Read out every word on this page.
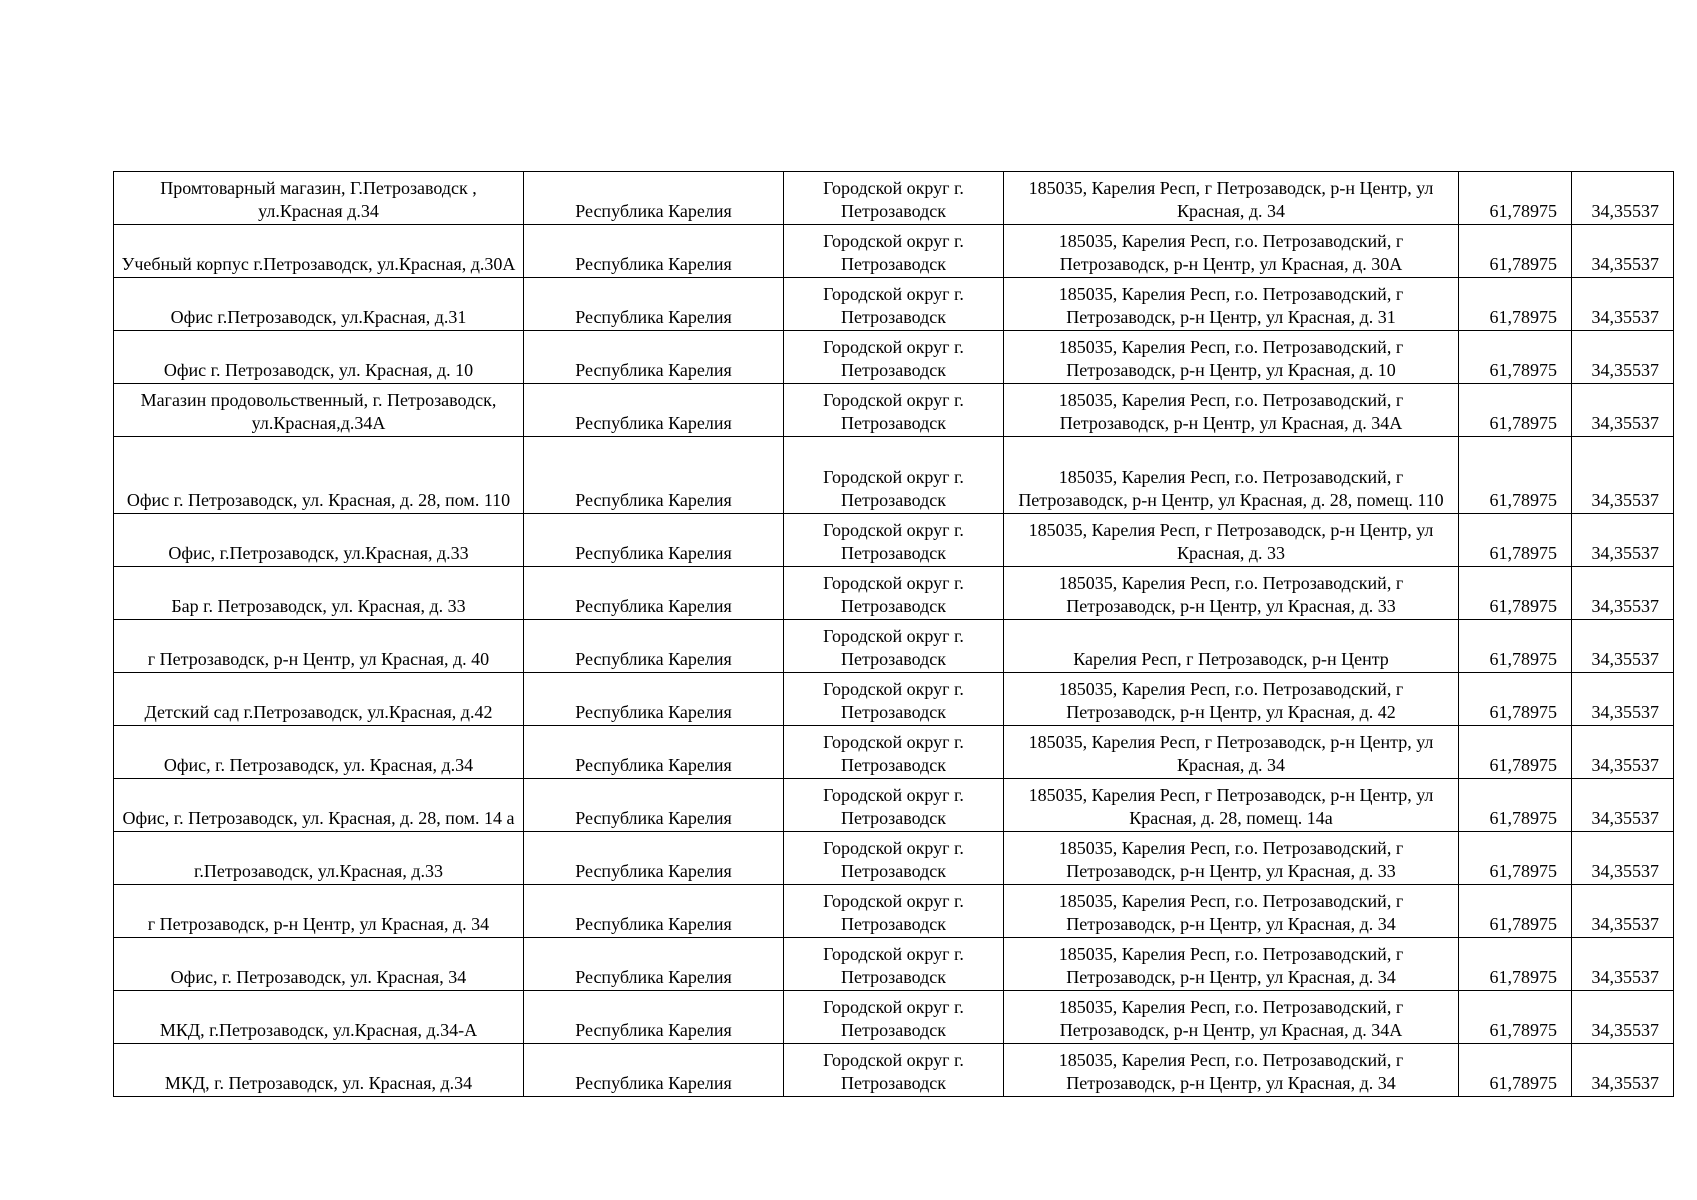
Промтоварный магазин, Г.Петрозаводск , ул.Красная д.34	Республика Карелия	Городской округ г. Петрозаводск	185035, Карелия Респ, г Петрозаводск, р-н Центр, ул Красная, д. 34	61,78975	34,35537
Учебный корпус г.Петрозаводск, ул.Красная, д.30А	Республика Карелия	Городской округ г. Петрозаводск	185035, Карелия Респ, г.о. Петрозаводский, г Петрозаводск, р-н Центр, ул Красная, д. 30А	61,78975	34,35537
Офис г.Петрозаводск, ул.Красная, д.31	Республика Карелия	Городской округ г. Петрозаводск	185035, Карелия Респ, г.о. Петрозаводский, г Петрозаводск, р-н Центр, ул Красная, д. 31	61,78975	34,35537
Офис г. Петрозаводск, ул. Красная, д. 10	Республика Карелия	Городской округ г. Петрозаводск	185035, Карелия Респ, г.о. Петрозаводский, г Петрозаводск, р-н Центр, ул Красная, д. 10	61,78975	34,35537
Магазин продовольственный, г. Петрозаводск, ул.Красная,д.34А	Республика Карелия	Городской округ г. Петрозаводск	185035, Карелия Респ, г.о. Петрозаводский, г Петрозаводск, р-н Центр, ул Красная, д. 34А	61,78975	34,35537
Офис г. Петрозаводск, ул. Красная, д. 28, пом. 110	Республика Карелия	Городской округ г. Петрозаводск	185035, Карелия Респ, г.о. Петрозаводский, г Петрозаводск, р-н Центр, ул Красная, д. 28, помещ. 110	61,78975	34,35537
Офис, г.Петрозаводск, ул.Красная, д.33	Республика Карелия	Городской округ г. Петрозаводск	185035, Карелия Респ, г Петрозаводск, р-н Центр, ул Красная, д. 33	61,78975	34,35537
Бар г. Петрозаводск, ул. Красная, д. 33	Республика Карелия	Городской округ г. Петрозаводск	185035, Карелия Респ, г.о. Петрозаводский, г Петрозаводск, р-н Центр, ул Красная, д. 33	61,78975	34,35537
г Петрозаводск, р-н Центр, ул Красная, д. 40	Республика Карелия	Городской округ г. Петрозаводск	Карелия Респ, г Петрозаводск, р-н Центр	61,78975	34,35537
Детский сад г.Петрозаводск, ул.Красная, д.42	Республика Карелия	Городской округ г. Петрозаводск	185035, Карелия Респ, г.о. Петрозаводский, г Петрозаводск, р-н Центр, ул Красная, д. 42	61,78975	34,35537
Офис, г. Петрозаводск, ул. Красная, д.34	Республика Карелия	Городской округ г. Петрозаводск	185035, Карелия Респ, г Петрозаводск, р-н Центр, ул Красная, д. 34	61,78975	34,35537
Офис, г. Петрозаводск, ул. Красная, д. 28, пом. 14 а	Республика Карелия	Городской округ г. Петрозаводск	185035, Карелия Респ, г Петрозаводск, р-н Центр, ул Красная, д. 28, помещ. 14а	61,78975	34,35537
г.Петрозаводск, ул.Красная, д.33	Республика Карелия	Городской округ г. Петрозаводск	185035, Карелия Респ, г.о. Петрозаводский, г Петрозаводск, р-н Центр, ул Красная, д. 33	61,78975	34,35537
г Петрозаводск, р-н Центр, ул Красная, д. 34	Республика Карелия	Городской округ г. Петрозаводск	185035, Карелия Респ, г.о. Петрозаводский, г Петрозаводск, р-н Центр, ул Красная, д. 34	61,78975	34,35537
Офис, г. Петрозаводск, ул. Красная, 34	Республика Карелия	Городской округ г. Петрозаводск	185035, Карелия Респ, г.о. Петрозаводский, г Петрозаводск, р-н Центр, ул Красная, д. 34	61,78975	34,35537
МКД, г.Петрозаводск, ул.Красная, д.34-А	Республика Карелия	Городской округ г. Петрозаводск	185035, Карелия Респ, г.о. Петрозаводский, г Петрозаводск, р-н Центр, ул Красная, д. 34А	61,78975	34,35537
МКД, г. Петрозаводск, ул. Красная, д.34	Республика Карелия	Городской округ г. Петрозаводск	185035, Карелия Респ, г.о. Петрозаводский, г Петрозаводск, р-н Центр, ул Красная, д. 34	61,78975	34,35537
